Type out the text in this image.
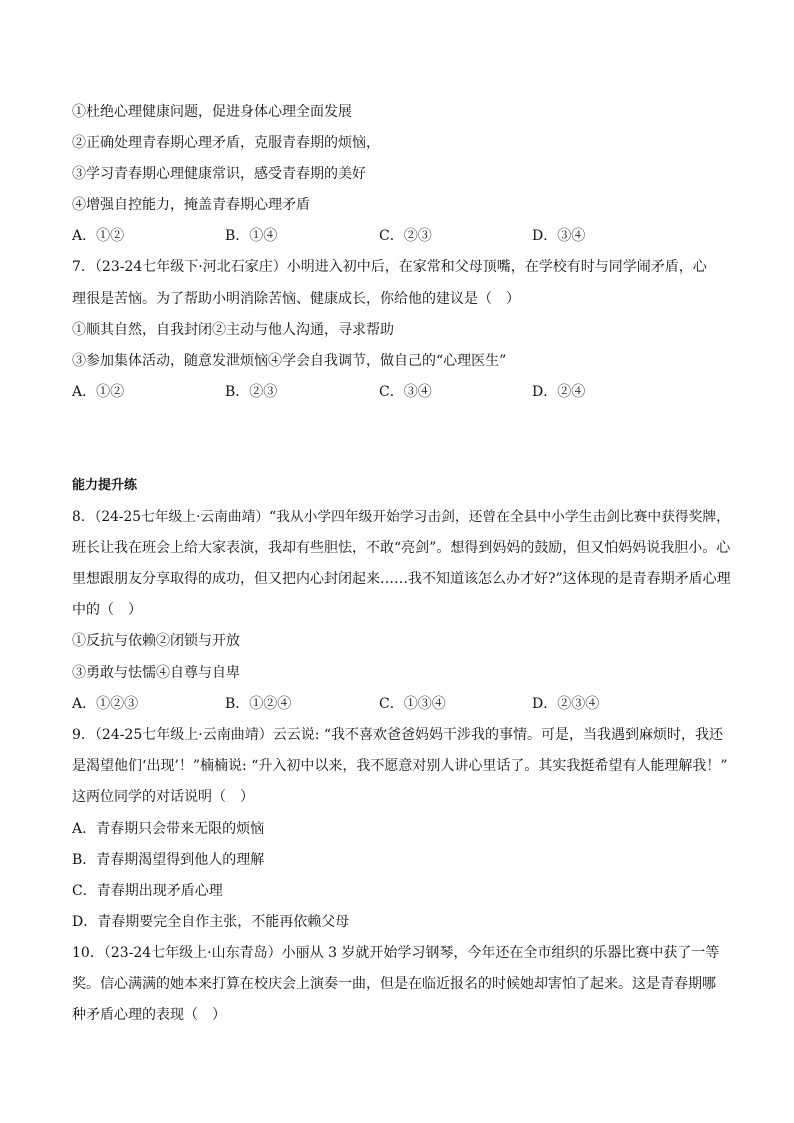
①杜绝心理健康问题，促进身体心理全面发展
②正确处理青春期心理矛盾，克服青春期的烦恼，
③学习青春期心理健康常识，感受青春期的美好
④增强自控能力，掩盖青春期心理矛盾
A．①②	B．①④	C．②③	D．③④
7．（23-24七年级下·河北石家庄）小明进入初中后，在家常和父母顶嘴，在学校有时与同学闹矛盾，心
理很是苦恼。为了帮助小明消除苦恼、健康成长，你给他的建议是（　）
①顺其自然，自我封闭②主动与他人沟通，寻求帮助
③参加集体活动，随意发泄烦恼④学会自我调节，做自己的“心理医生”
A．①②	B．②③	C．③④	D．②④
能力提升练
8．（24-25七年级上·云南曲靖）“我从小学四年级开始学习击剑，还曾在全县中小学生击剑比赛中获得奖牌，
班长让我在班会上给大家表演，我却有些胆怯，不敢“亮剑”。想得到妈妈的鼓励，但又怕妈妈说我胆小。心
里想跟朋友分享取得的成功，但又把内心封闭起来……我不知道该怎么办才好?”这体现的是青春期矛盾心理
中的（　）
①反抗与依赖②闭锁与开放
③勇敢与怯懦④自尊与自卑
A．①②③	B．①②④	C．①③④	D．②③④
9．（24-25七年级上·云南曲靖）云云说: “我不喜欢爸爸妈妈干涉我的事情。可是，当我遇到麻烦时，我还
是渴望他们‘出现’！”楠楠说: “升入初中以来，我不愿意对别人讲心里话了。其实我挺希望有人能理解我！”
这两位同学的对话说明（　）
A．青春期只会带来无限的烦恼
B．青春期渴望得到他人的理解
C．青春期出现矛盾心理
D．青春期要完全自作主张，不能再依赖父母
10．（23-24七年级上·山东青岛）小丽从 3 岁就开始学习钢琴，今年还在全市组织的乐器比赛中获了一等
奖。信心满满的她本来打算在校庆会上演奏一曲，但是在临近报名的时候她却害怕了起来。这是青春期哪
种矛盾心理的表现（　）
